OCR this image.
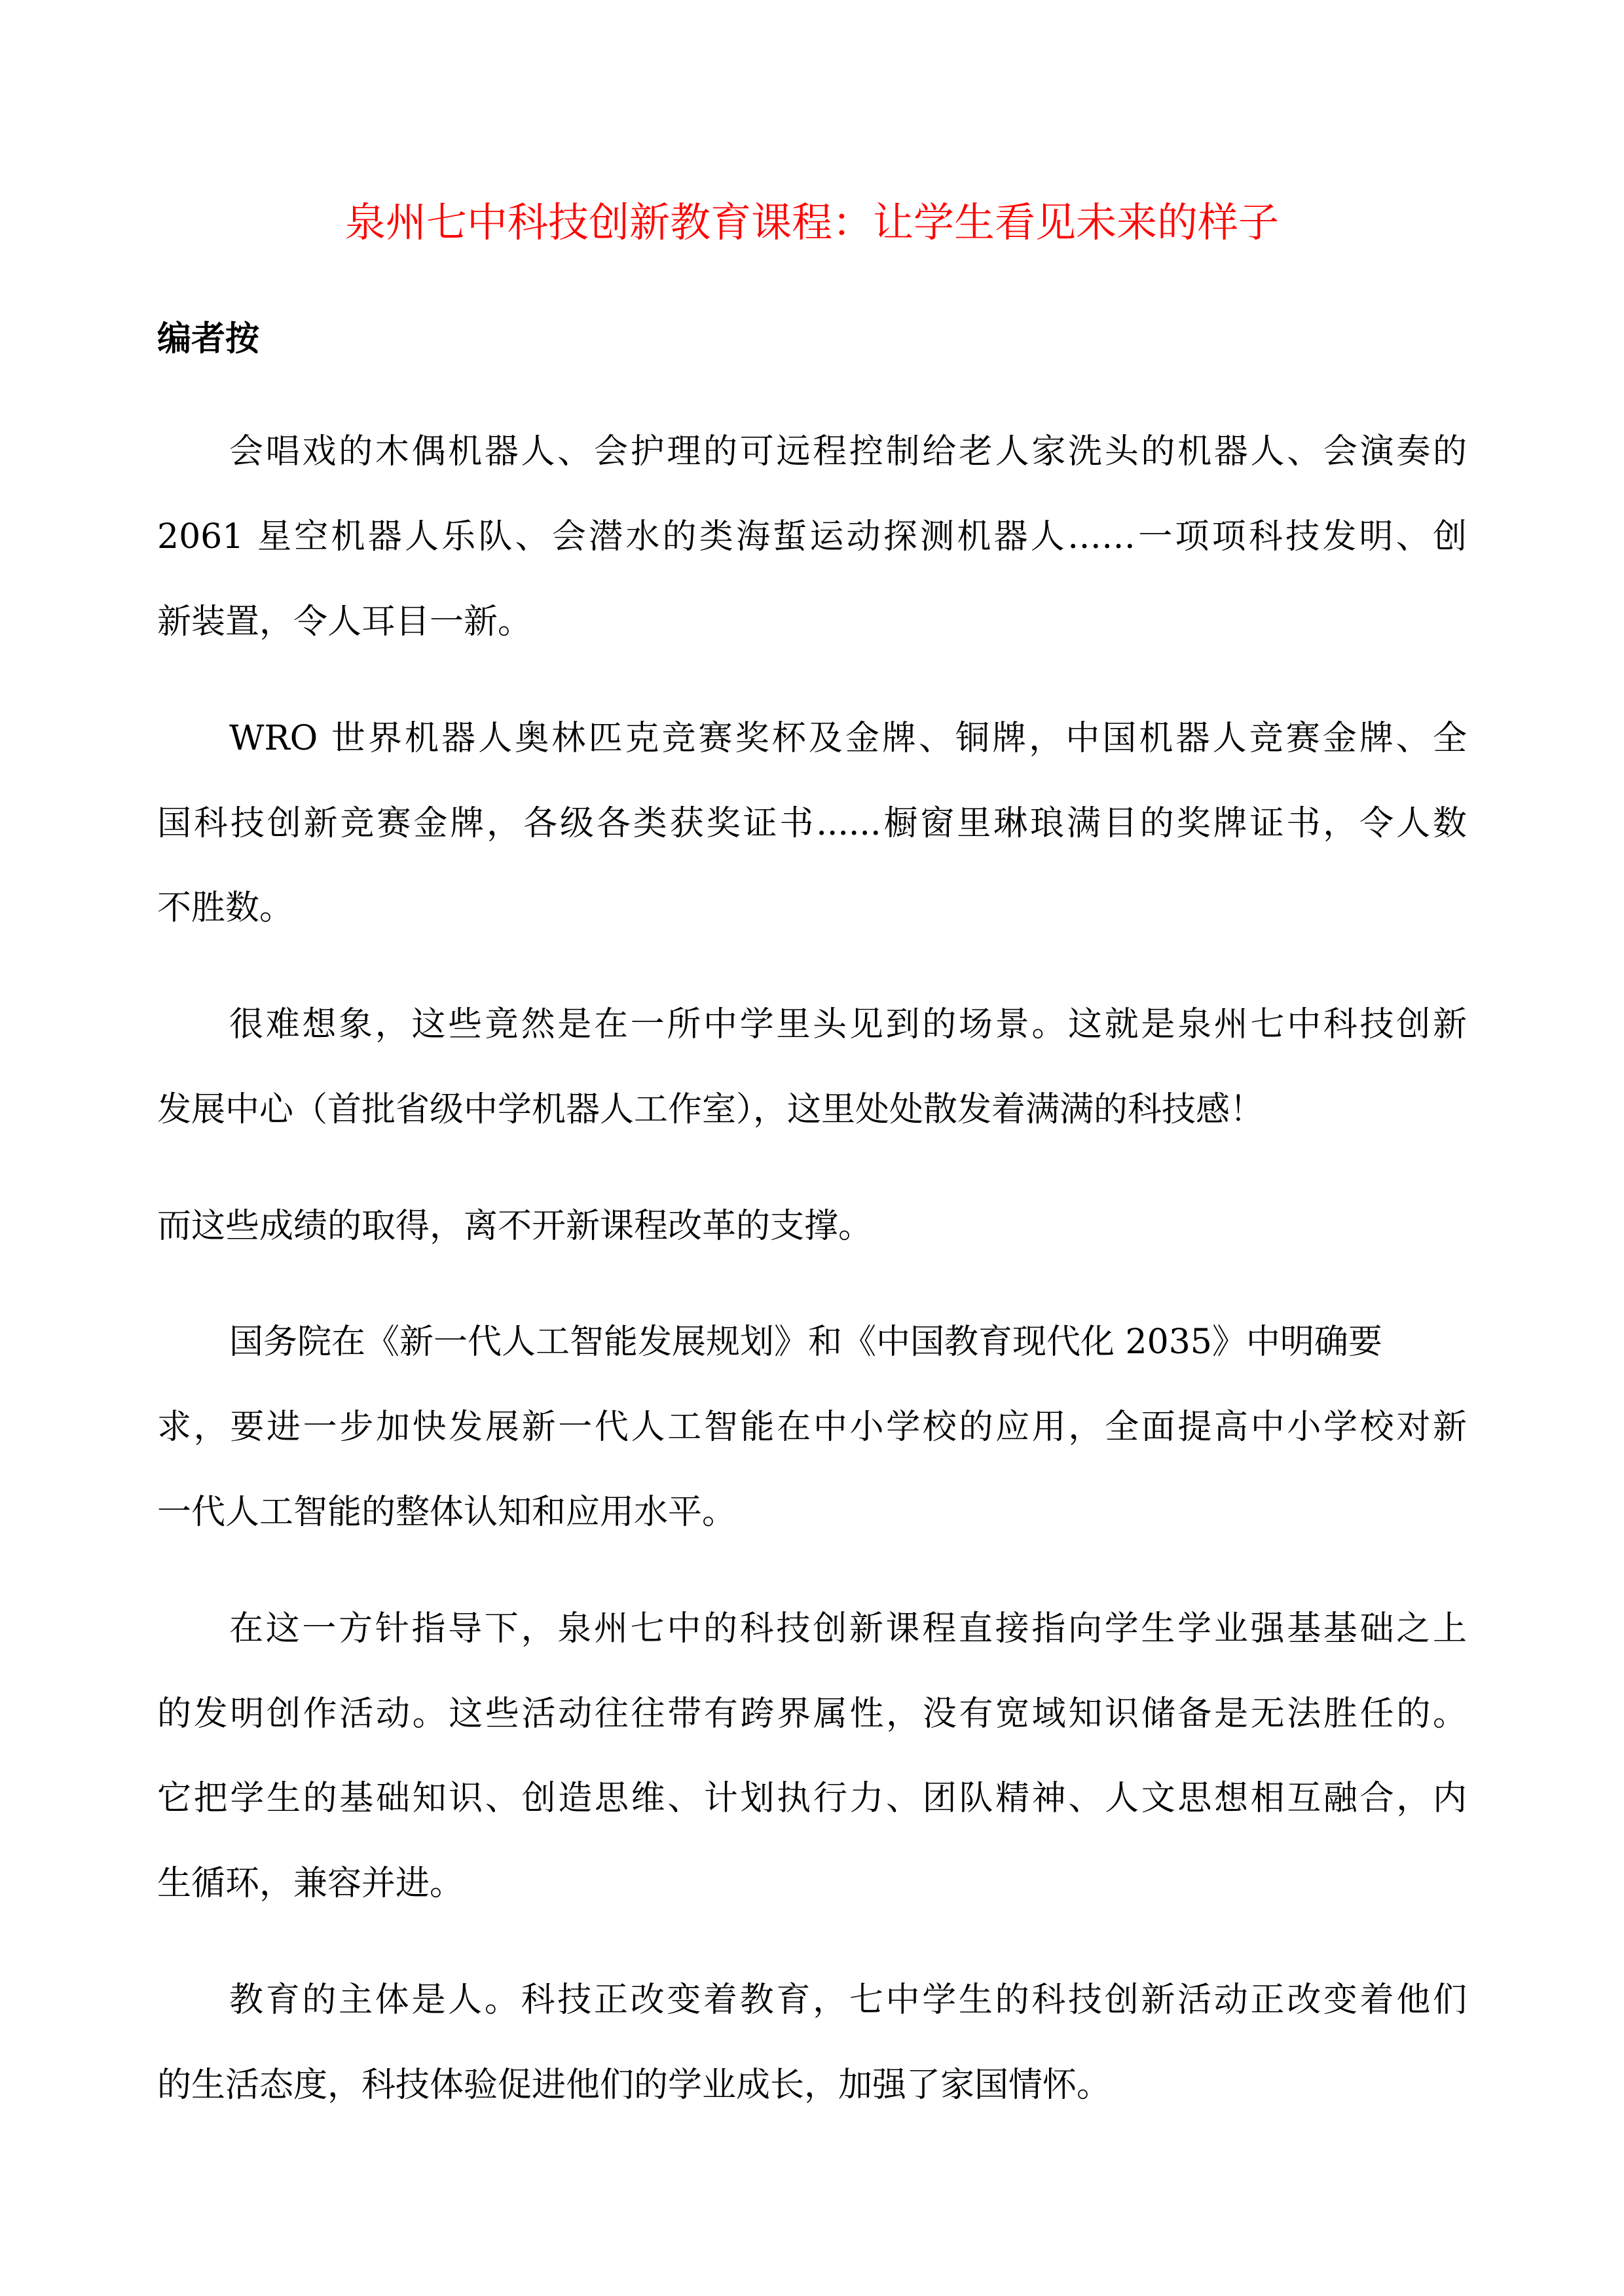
泉州七中科技创新教育课程：让学生看见未来的样子
编者按
会唱戏的木偶机器人、会护理的可远程控制给老人家洗头的机器人、会演奏的
2061 星空机器人乐队、会潜水的类海蜇运动探测机器人……一项项科技发明、创
新装置，令人耳目一新。
WRO 世界机器人奥林匹克竞赛奖杯及金牌、铜牌，中国机器人竞赛金牌、全
国科技创新竞赛金牌，各级各类获奖证书......橱窗里琳琅满目的奖牌证书，令人数
不胜数。
很难想象，这些竟然是在一所中学里头见到的场景。这就是泉州七中科技创新
发展中心（首批省级中学机器人工作室），这里处处散发着满满的科技感！
而这些成绩的取得，离不开新课程改革的支撑。
国务院在《新一代人工智能发展规划》和《中国教育现代化 2035》中明确要
求，要进一步加快发展新一代人工智能在中小学校的应用，全面提高中小学校对新
一代人工智能的整体认知和应用水平。
在这一方针指导下，泉州七中的科技创新课程直接指向学生学业强基基础之上
的发明创作活动。这些活动往往带有跨界属性，没有宽域知识储备是无法胜任的。
它把学生的基础知识、创造思维、计划执行力、团队精神、人文思想相互融合，内
生循环，兼容并进。
教育的主体是人。科技正改变着教育，七中学生的科技创新活动正改变着他们
的生活态度，科技体验促进他们的学业成长，加强了家国情怀。
